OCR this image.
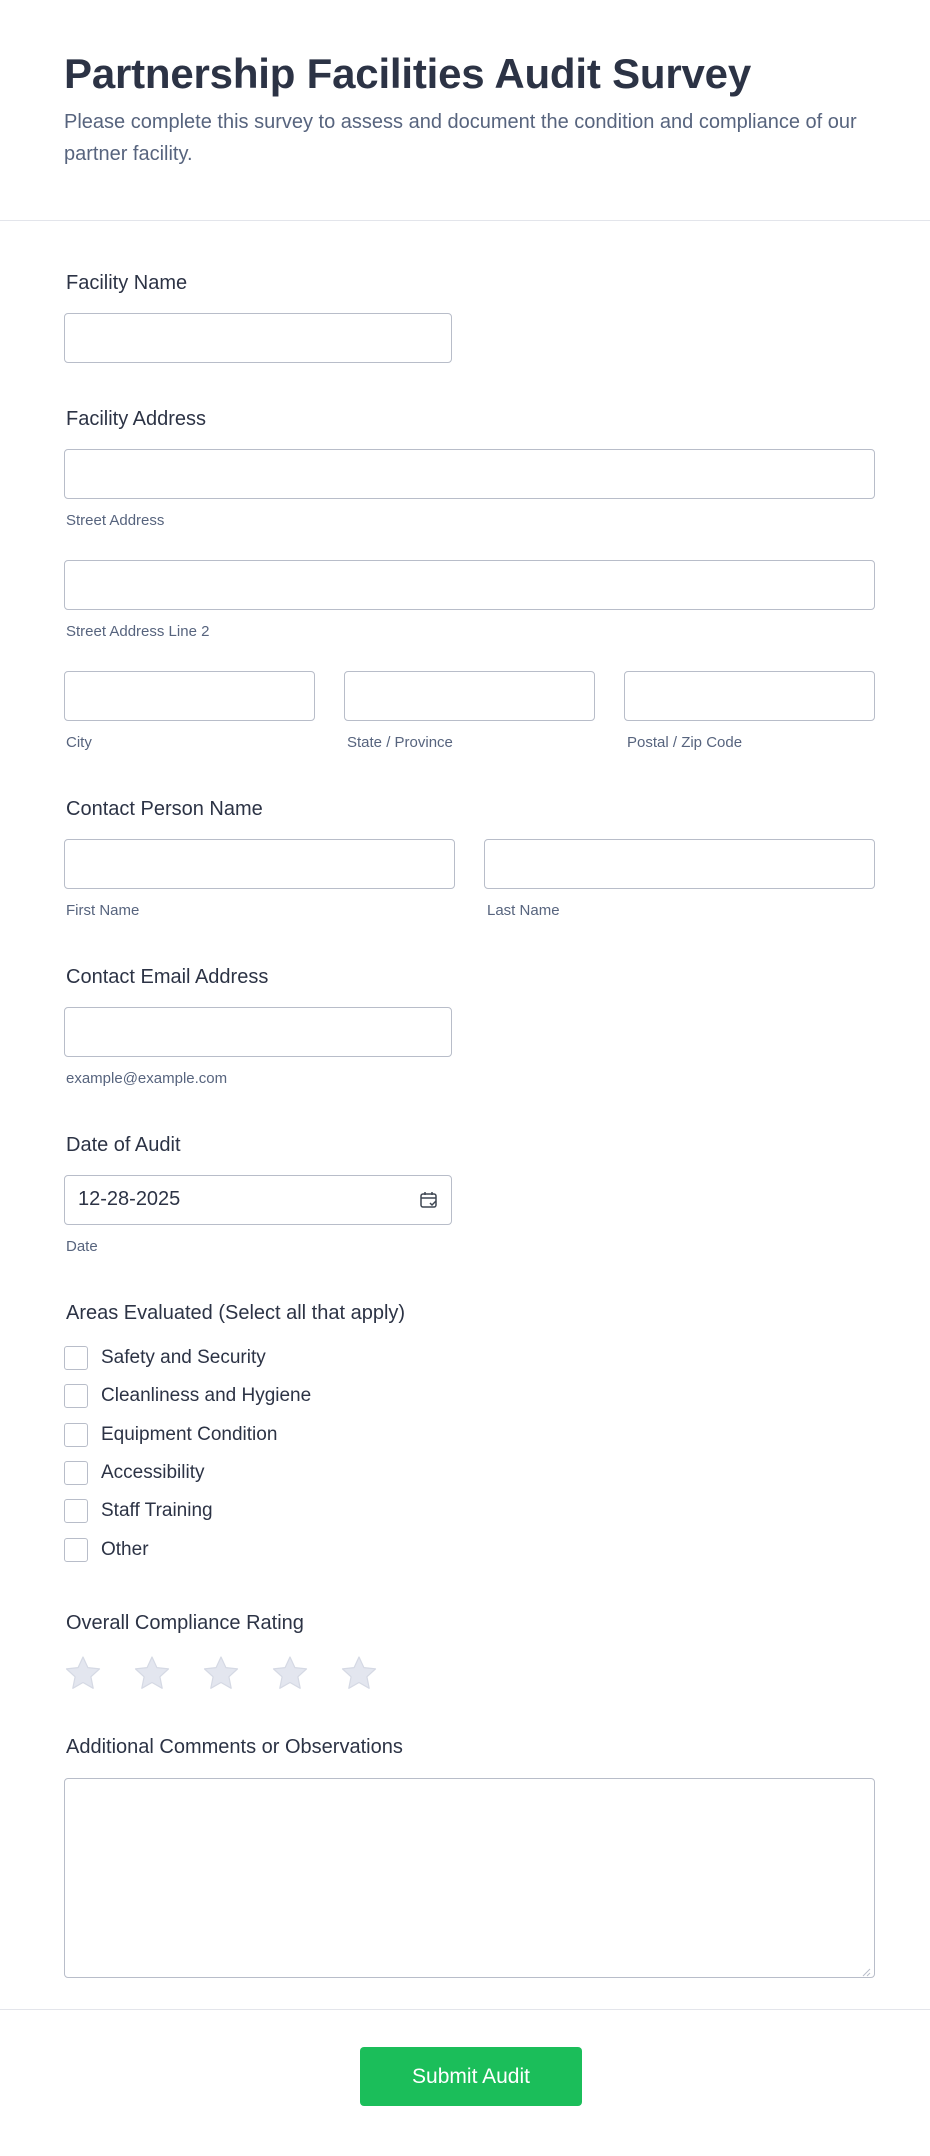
Partnership Facilities Audit Survey
Please complete this survey to assess and document the condition and compliance of our partner facility.
Facility Name
Facility Address
Street Address
Street Address Line 2
City	State / Province	Postal / Zip Code
Contact Person Name
First Name	Last Name
Contact Email Address
example@example.com
Date of Audit
12-28-2025
Date
Areas Evaluated (Select all that apply)
Safety and Security
Cleanliness and Hygiene
Equipment Condition
Accessibility
Staff Training
Other
Overall Compliance Rating
Additional Comments or Observations
Submit Audit
